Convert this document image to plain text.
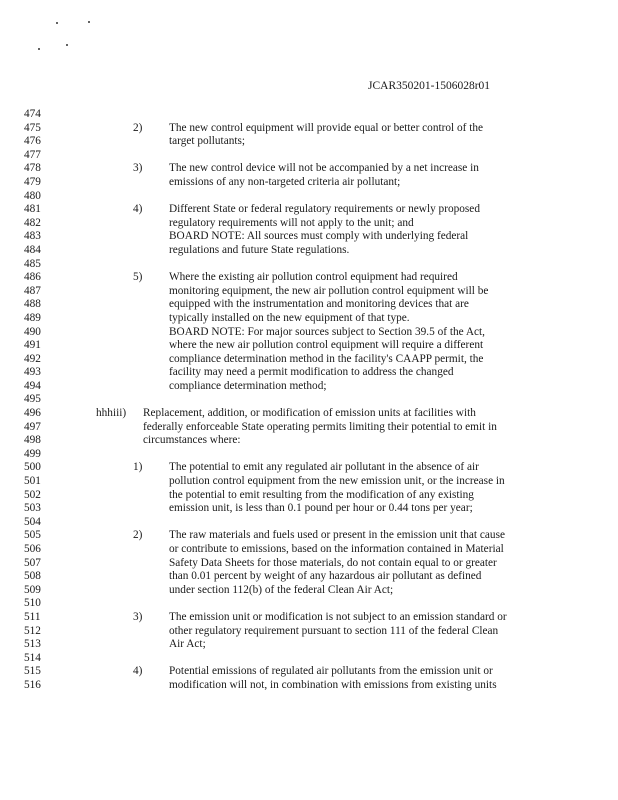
JCAR350201-1506028r01
474
475
476
477
478
479
480
481
482
483
484
485
486
487
488
489
490
491
492
493
494
495
496
497
498
499
500
501
502
503
504
505
506
507
508
509
510
511
512
513
514
515
516
2) The new control equipment will provide equal or better control of the
target pollutants;
3) The new control device will not be accompanied by a net increase in
emissions of any non-targeted criteria air pollutant;
4) Different State or federal regulatory requirements or newly proposed
regulatory requirements will not apply to the unit; and
BOARD NOTE: All sources must comply with underlying federal
regulations and future State regulations.
5) Where the existing air pollution control equipment had required
monitoring equipment, the new air pollution control equipment will be
equipped with the instrumentation and monitoring devices that are
typically installed on the new equipment of that type.
BOARD NOTE: For major sources subject to Section 39.5 of the Act,
where the new air pollution control equipment will require a different
compliance determination method in the facility's CAAPP permit, the
facility may need a permit modification to address the changed
compliance determination method;
hhhiii) Replacement, addition, or modification of emission units at facilities with
federally enforceable State operating permits limiting their potential to emit in
circumstances where:
1) The potential to emit any regulated air pollutant in the absence of air
pollution control equipment from the new emission unit, or the increase in
the potential to emit resulting from the modification of any existing
emission unit, is less than 0.1 pound per hour or 0.44 tons per year;
2) The raw materials and fuels used or present in the emission unit that cause
or contribute to emissions, based on the information contained in Material
Safety Data Sheets for those materials, do not contain equal to or greater
than 0.01 percent by weight of any hazardous air pollutant as defined
under section 112(b) of the federal Clean Air Act;
3) The emission unit or modification is not subject to an emission standard or
other regulatory requirement pursuant to section 111 of the federal Clean
Air Act;
4) Potential emissions of regulated air pollutants from the emission unit or
modification will not, in combination with emissions from existing units
